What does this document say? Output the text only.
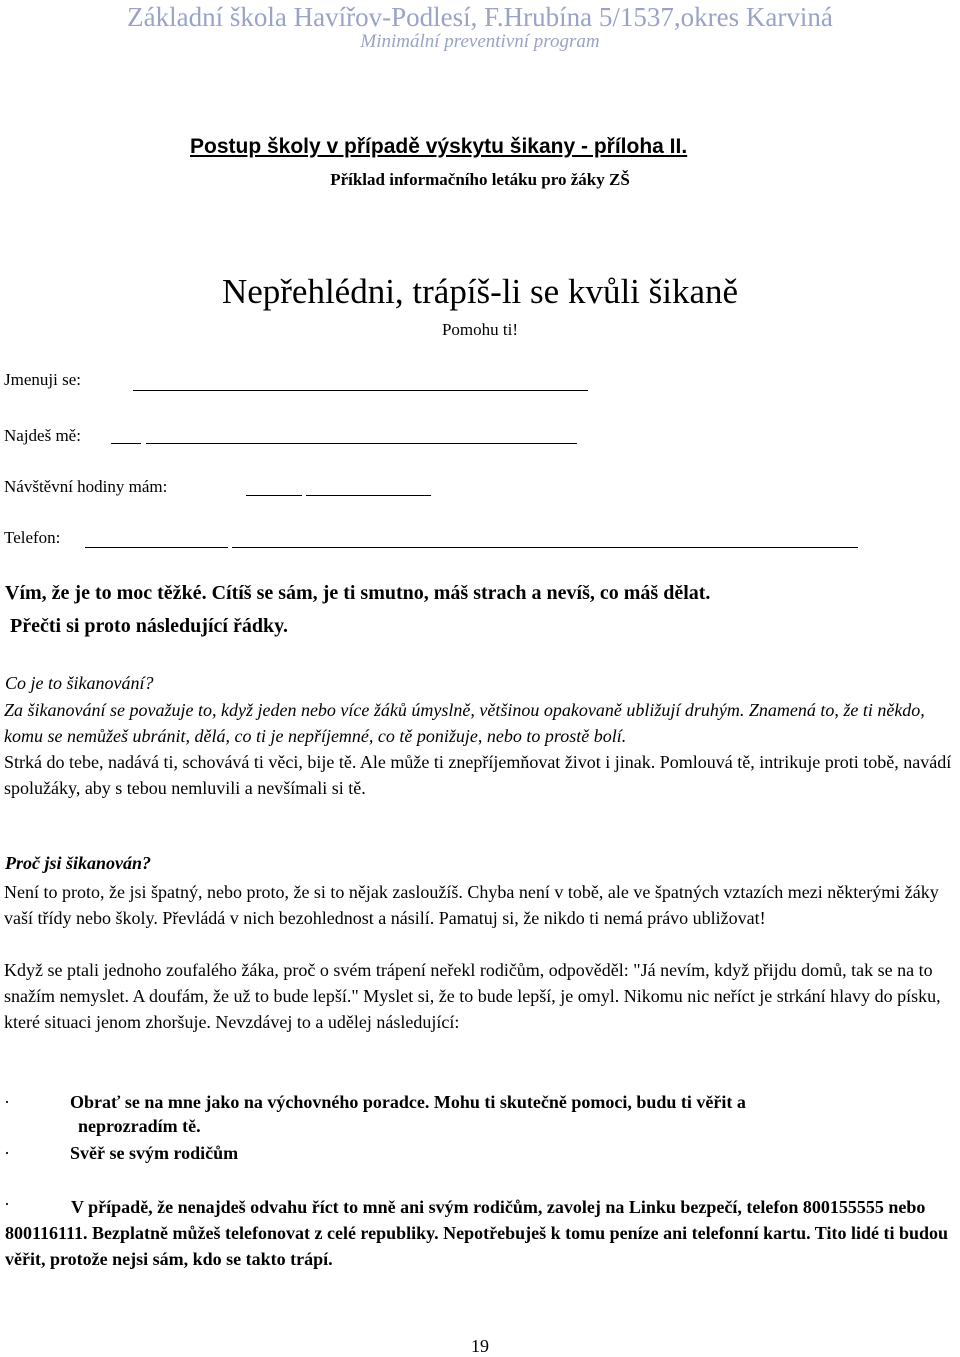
Základní škola Havířov-Podlesí, F.Hrubína 5/1537,okres Karviná
Minimální preventivní program
Postup školy v případě výskytu šikany - příloha II.
Příklad informačního letáku pro žáky ZŠ
Nepřehlédni, trápíš-li se kvůli šikaně
Pomohu ti!
Jmenuji se:
Najdeš mě:
Návštěvní hodiny mám:
Telefon:
Vím, že je to moc těžké. Cítíš se sám, je ti smutno, máš strach a nevíš, co máš dělat.
Přečti si proto následující řádky.
Co je to šikanování?
Za šikanování se považuje to, když jeden nebo více žáků úmyslně, většinou opakovaně ubližují druhým. Znamená to, že ti někdo, komu se nemůžeš ubránit, dělá, co ti je nepříjemné, co tě ponižuje, nebo to prostě bolí.
Strká do tebe, nadává ti, schovává ti věci, bije tě. Ale může ti znepříjemňovat život i jinak. Pomlouvá tě, intrikuje proti tobě, navádí spolužáky, aby s tebou nemluvili a nevšímali si tě.
Proč jsi šikanován?
Není to proto, že jsi špatný, nebo proto, že si to nějak zasloužíš. Chyba není v tobě, ale ve špatných vztazích mezi některými žáky vaší třídy nebo školy. Převládá v nich bezohlednost a násilí. Pamatuj si, že nikdo ti nemá právo ubližovat!
Když se ptali jednoho zoufalého žáka, proč o svém trápení neřekl rodičům, odpověděl: "Já nevím, když přijdu domů, tak se na to snažím nemyslet. A doufám, že už to bude lepší." Myslet si, že to bude lepší, je omyl. Nikomu nic neříct je strkání hlavy do písku, které situaci jenom zhoršuje. Nevzdávej to a udělej následující:
·	Obrať se na mne jako na výchovného poradce. Mohu ti skutečně pomoci, budu ti věřit a
neprozradím tě.
·	Svěř se svým rodičům
·	V případě, že nenajdeš odvahu říct to mně ani svým rodičům, zavolej na Linku bezpečí, telefon 800155555 nebo 800116111. Bezplatně můžeš telefonovat z celé republiky. Nepotřebuješ k tomu peníze ani telefonní kartu. Tito lidé ti budou věřit, protože nejsi sám, kdo se takto trápí.
19
